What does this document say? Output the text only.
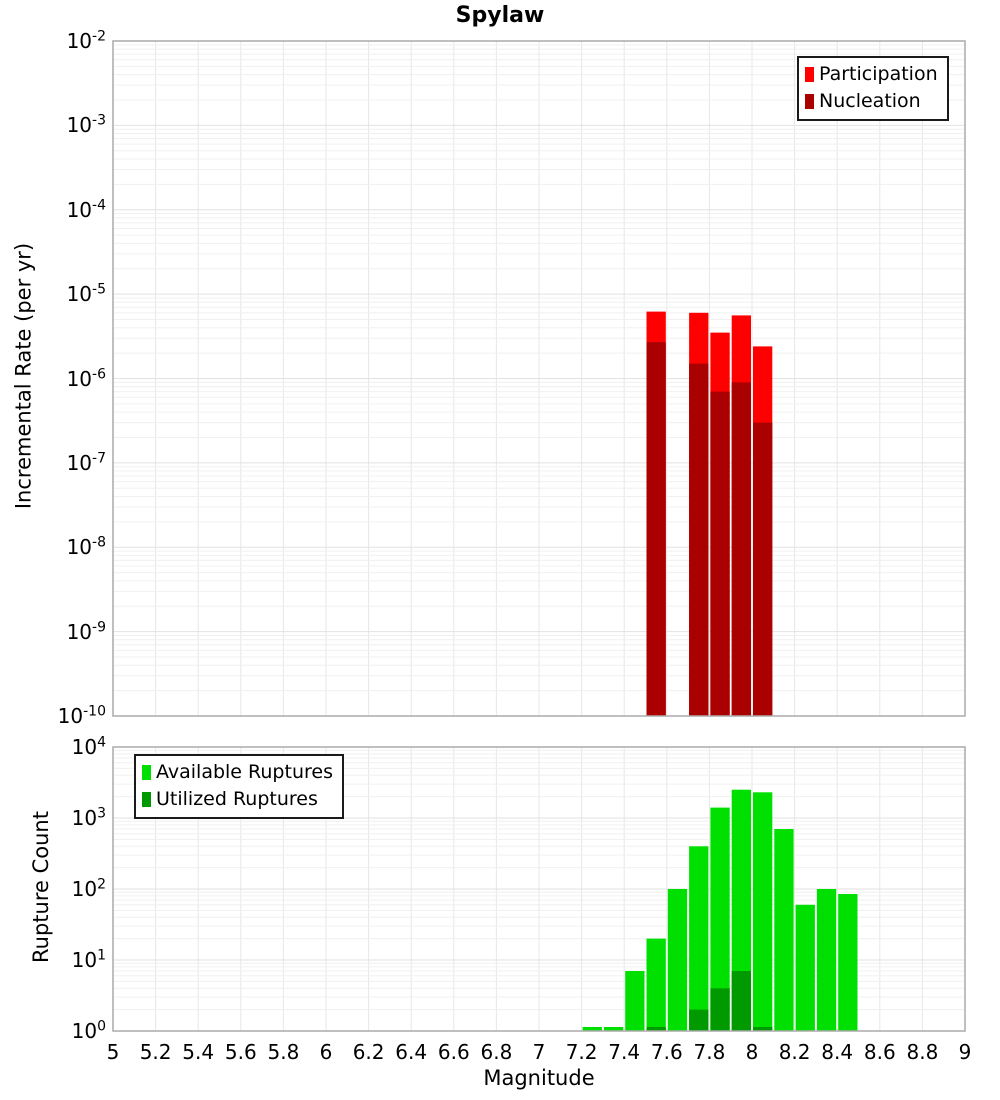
Spylaw
Incremental Rate (per yr)
Rupture Count
Magnitude
$10^{-2}$
$10^{-3}$
$10^{-4}$
$10^{-5}$
$10^{-6}$
$10^{-7}$
$10^{-8}$
$10^{-9}$
$10^{-10}$
$10^4$
$10^3$
$10^2$
$10^1$
$10^0$
5	5.2 5.4 5.6 5.8	6	6.2 6.4 6.6 6.8	7	7.2 7.4 7.6 7.8	8	8.2 8.4 8.6 8.8	9
Participation
Nucleation
Available Ruptures
Utilized Ruptures
